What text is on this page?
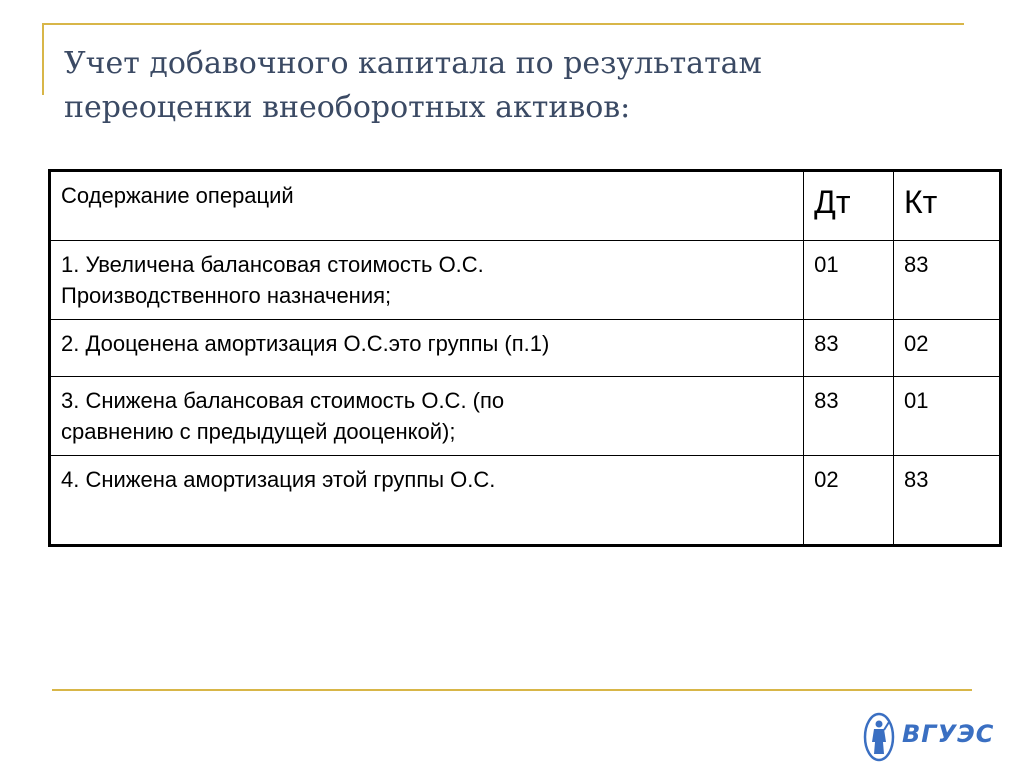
Учет добавочного капитала по результатам
переоценки внеоборотных активов:
Содержание операций	Дт	Кт

1. Увеличена балансовая стоимость О.С.
Производственного назначения;	01	83

2. Дооценена амортизация О.С.это группы (п.1)	83	02

3. Снижена балансовая стоимость О.С. (по
сравнению с предыдущей дооценкой);	83	01

4. Снижена амортизация этой группы О.С.	02	83
ВГУЭС
